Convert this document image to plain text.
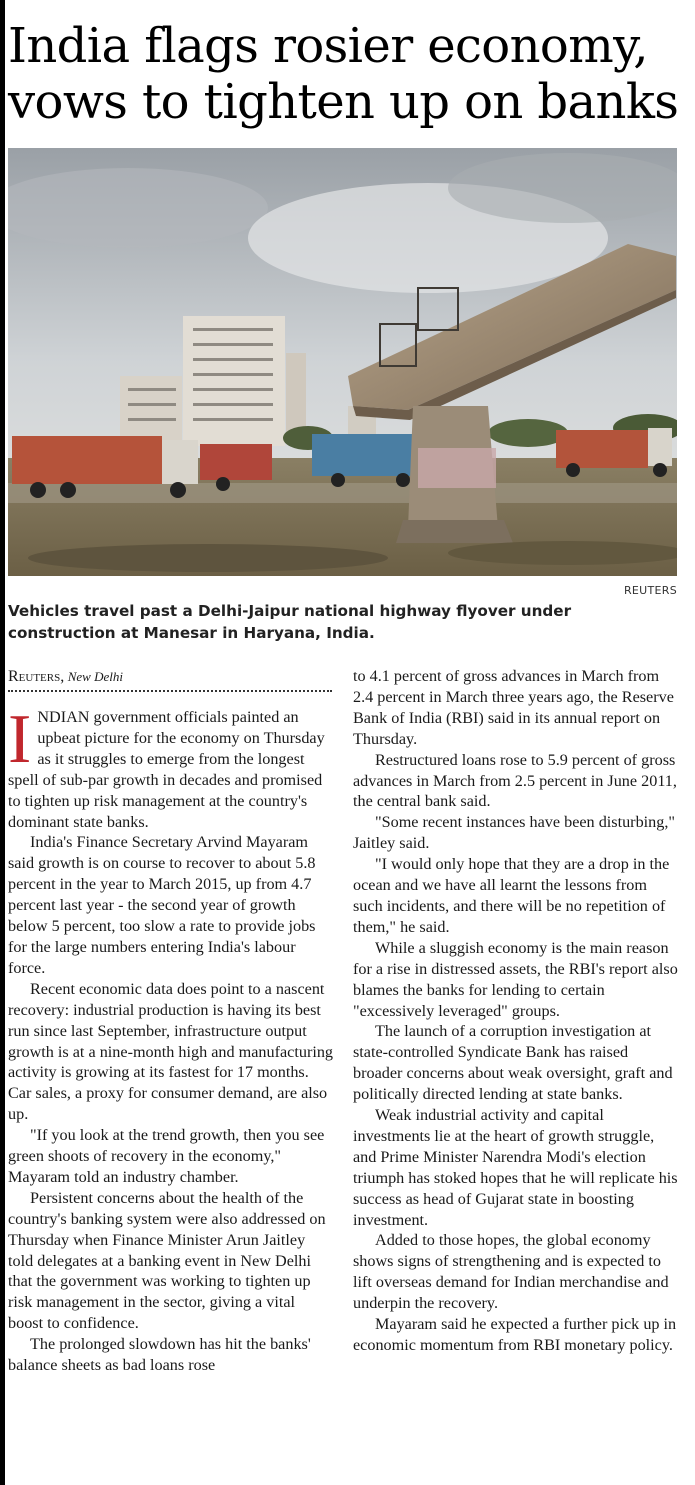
India flags rosier economy,
vows to tighten up on banks
REUTERS
Vehicles travel past a Delhi-Jaipur national highway flyover under construction at Manesar in Haryana, India.
Reuters, New Delhi

INDIAN government officials painted an upbeat picture for the economy on Thursday as it struggles to emerge from the longest spell of sub-par growth in decades and promised to tighten up risk management at the country's dominant state banks.

India's Finance Secretary Arvind Mayaram said growth is on course to recover to about 5.8 percent in the year to March 2015, up from 4.7 percent last year - the second year of growth below 5 percent, too slow a rate to provide jobs for the large numbers entering India's labour force.

Recent economic data does point to a nascent recovery: industrial production is having its best run since last September, infrastructure output growth is at a nine-month high and manufacturing activity is growing at its fastest for 17 months. Car sales, a proxy for consumer demand, are also up.

"If you look at the trend growth, then you see green shoots of recovery in the economy," Mayaram told an industry chamber.

Persistent concerns about the health of the country's banking system were also addressed on Thursday when Finance Minister Arun Jaitley told delegates at a banking event in New Delhi that the government was working to tighten up risk management in the sector, giving a vital boost to confidence.

The prolonged slowdown has hit the banks' balance sheets as bad loans rose

to 4.1 percent of gross advances in March from 2.4 percent in March three years ago, the Reserve Bank of India (RBI) said in its annual report on Thursday.

Restructured loans rose to 5.9 percent of gross advances in March from 2.5 percent in June 2011, the central bank said.

"Some recent instances have been disturbing," Jaitley said.

"I would only hope that they are a drop in the ocean and we have all learnt the lessons from such incidents, and there will be no repetition of them," he said.

While a sluggish economy is the main reason for a rise in distressed assets, the RBI's report also blames the banks for lending to certain "excessively leveraged" groups.

The launch of a corruption investigation at state-controlled Syndicate Bank has raised broader concerns about weak oversight, graft and politically directed lending at state banks.

Weak industrial activity and capital investments lie at the heart of growth struggle, and Prime Minister Narendra Modi's election triumph has stoked hopes that he will replicate his success as head of Gujarat state in boosting investment.

Added to those hopes, the global economy shows signs of strengthening and is expected to lift overseas demand for Indian merchandise and underpin the recovery.

Mayaram said he expected a further pick up in economic momentum from RBI monetary policy.
